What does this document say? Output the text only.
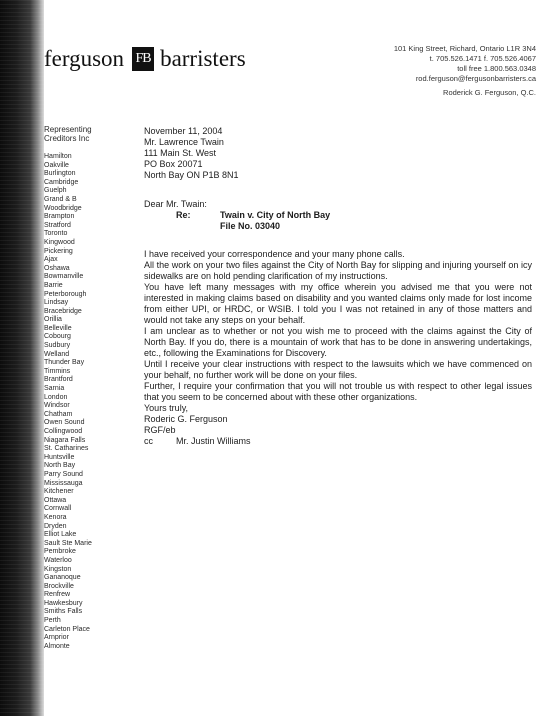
ferguson FB barristers	101 King Street, Richard, Ontario L1R 3N4
t. 705.526.1471 f. 705.526.4067
toll free 1.800.563.0348
rod.ferguson@fergusonbarristers.ca
Roderick G. Ferguson, Q.C.
Representing
Creditors Inc
Hamilton
Oakville
Burlington
Cambridge
Guelph
Grand & B
Woodbridge
Brampton
Stratford
Toronto
Kingwood
Pickering
Ajax
Oshawa
Bowmanville
Barrie
Peterborough
Lindsay
Bracebridge
Orillia
Belleville
Cobourg
Sudbury
Welland
Thunder Bay
Timmins
Brantford
Sarnia
London
Windsor
Chatham
Owen Sound
Collingwood
Niagara Falls
St. Catharines
Huntsville
North Bay
Parry Sound
Mississauga
Kitchener
Ottawa
Cornwall
Kenora
Dryden
Elliot Lake
Sault Ste Marie
Pembroke
Waterloo
Kingston
Gananoque
Brockville
Renfrew
Hawkesbury
Smiths Falls
Perth
Carleton Place
Arnprior
Almonte

November 11, 2004

Mr. Lawrence Twain

111 Main St. West

PO Box 20071

North Bay ON P1B 8N1

Dear Mr. Twain:

Re:	Twain v. City of North Bay

File No. 03040

I have received your correspondence and your many phone calls.

All the work on your two files against the City of North Bay for slipping and injuring yourself on icy sidewalks are on hold pending clarification of my instructions.

You have left many messages with my office wherein you advised me that you were not interested in making claims based on disability and you wanted claims only made for lost income from either UPI, or HRDC, or WSIB. I told you I was not retained in any of those matters and would not take any steps on your behalf.

I am unclear as to whether or not you wish me to proceed with the claims against the City of North Bay. If you do, there is a mountain of work that has to be done in answering undertakings, etc., following the Examinations for Discovery.

Until I receive your clear instructions with respect to the lawsuits which we have commenced on your behalf, no further work will be done on your files.

Further, I require your confirmation that you will not trouble us with respect to other legal issues that you seem to be concerned about with these other organizations.

Yours truly,

Roderic G. Ferguson

RGF/eb

cc	Mr. Justin Williams
